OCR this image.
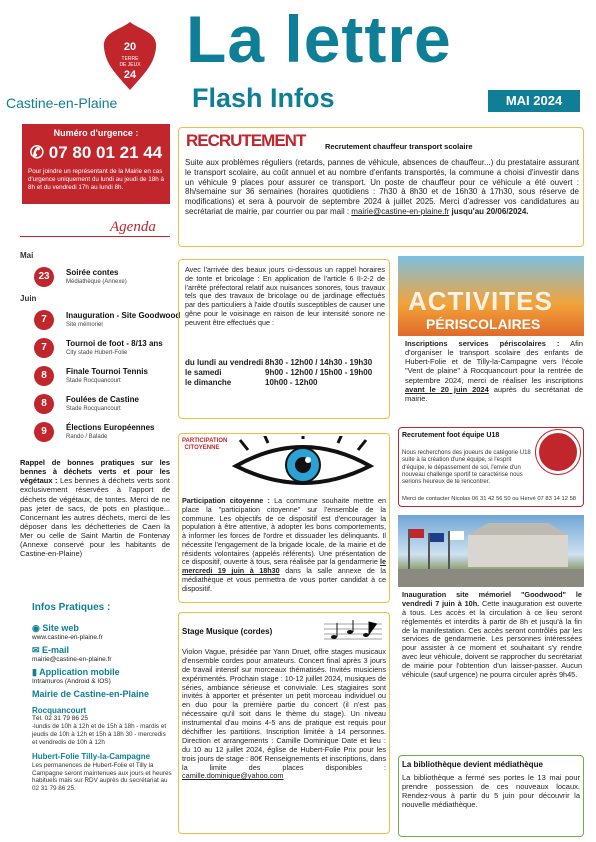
20
TERRE
DE JEUX
24
Castine-en-Plaine
La lettre
Flash Infos	MAI 2024
Numéro d'urgence :
✆ 07 80 01 21 44
Pour joindre un représentant de la Mairie en cas d'urgence uniquement du lundi au jeudi de 18h à 8h et du vendredi 17h au lundi 8h.
Agenda
Mai
Juin
23	Soirée contes
Médiathèque (Annexe)
7	Inauguration - Site Goodwood
Site mémoriel
7	Tournoi de foot - 8/13 ans
City stade Hubert-Folie
8	Finale Tournoi Tennis
Stade Rocquancourt
8	Foulées de Castine
Stade Rocquancourt
9	Élections Européennes
Rando / Balade
Rappel de bonnes pratiques sur les bennes à déchets verts et pour les végétaux : Les bennes à déchets verts sont exclusivement réservées à l'apport de déchets de végétaux, de tontes. Merci de ne pas jeter de sacs, de pots en plastique... Concernant les autres déchets, merci de les déposer dans les déchetteries de Caen la Mer ou celle de Saint Martin de Fontenay (Annexe conservé pour les habitants de Castine-en-Plaine)
Infos Pratiques :
◉ Site web
www.castine-en-plaine.fr
✉ E-mail
mairie@castine-en-plaine.fr
▮ Application mobile
Intramuros (Android & IOS)
Mairie de Castine-en-Plaine
Rocquancourt
Tél. 02 31 79 86 25
-lundis de 10h à 12h et de 15h à 18h - mardis et jeudis de 10h à 12h et 15h à 18h 30 - mercredis et vendredis de 10h à 12h
Hubert-Folie Tilly-la-Campagne
Les permanences de Hubert-Folie et Tilly la Campagne seront maintenues aux jours et heures habituels mais sur RDV auprès du secrétariat au 02 31 79 86 25.
RECRUTEMENT	Recrutement chauffeur transport scolaire
Suite aux problèmes réguliers (retards, pannes de véhicule, absences de chauffeur...) du prestataire assurant le transport scolaire, au coût annuel et au nombre d'enfants transportés, la commune a choisi d'investir dans un véhicule 9 places pour assurer ce transport. Un poste de chauffeur pour ce véhicule a été ouvert : 8h/semaine sur 36 semaines (horaires quotidiens : 7h30 à 8h30 et de 16h30 à 17h30, sous réserve de modifications) et sera à pourvoir de septembre 2024 à juillet 2025. Merci d'adresser vos candidatures au secrétariat de mairie, par courrier ou par mail : mairie@castine-en-plaine.fr jusqu'au 20/06/2024.
Avec l'arrivée des beaux jours ci-dessous un rappel horaires de tonte et bricolage : En application de l'article 6 II-2-2 de l'arrêté préfectoral relatif aux nuisances sonores, tous travaux tels que des travaux de bricolage ou de jardinage effectués par des particuliers à l'aide d'outils susceptibles de causer une gêne pour le voisinage en raison de leur intensité sonore ne peuvent être effectués que :
du lundi au vendredi 8h30 - 12h00 / 14h30 - 19h30
le samedi	9h00 - 12h00 / 15h00 - 19h00
le dimanche	10h00 - 12h00
ACTIVITES
PÉRISCOLAIRES
Inscriptions services périscolaires : Afin d'organiser le transport scolaire des enfants de Hubert-Folie et de Tilly-la-Campagne vers l'école "Vent de plaine" à Rocquancourt pour la rentrée de septembre 2024, merci de réaliser les inscriptions avant le 20 juin 2024 auprès du secrétariat de mairie.
PARTICIPATION CITOYENNE
Participation citoyenne : La commune souhaite mettre en place la "participation citoyenne" sur l'ensemble de la commune. Les objectifs de ce dispositif est d'encourager la population à être attentive, à adopter les bons comportements, à informer les forces de l'ordre et dissuader les délinquants. Il nécessite l'engagement de la brigade locale, de la mairie et de résidents volontaires (appelés référents). Une présentation de ce dispositif, ouverte à tous, sera réalisée par la gendarmerie le mercredi 19 juin à 18h30 dans la salle annexe de la médiathèque et vous permettra de vous porter candidat à ce dispositif.
Stage Musique (cordes)
Violon Vague, présidée par Yann Druet, offre stages musicaux d'ensemble cordes pour amateurs. Concert final après 3 jours de travail intensif sur morceaux thématisés. Invités musiciens expérimentés. Prochain stage : 10-12 juillet 2024, musiques de séries, ambiance sérieuse et conviviale. Les stagiaires sont invités à apporter et présenter un petit morceau individuel ou en duo pour la première partie du concert (il n'est pas nécessaire qu'il soit dans le thème du stage). Un niveau instrumental d'au moins 4-5 ans de pratique est requis pour déchiffrer les partitions. Inscription limitée à 14 personnes. Direction et arrangements : Camille Dominique Date et lieu : du 10 au 12 juillet 2024, église de Hubert-Folie Prix pour les trois jours de stage : 80€ Renseignements et inscriptions, dans la limite des places disponibles : camille.dominique@yahoo.com
Recrutement foot équipe U18
Nous recherchons des joueurs de catégorie U18 suite à la création d'une équipe, si l'esprit d'équipe, le dépassement de soi, l'envie d'un nouveau challenge sportif te caractérise nous serions heureux de te rencontrer.
Merci de contacter Nicolas 06 31 42 56 50 ou Hervé 07 83 14 12 58
Inauguration site mémoriel "Goodwood" le vendredi 7 juin à 10h. Cette inauguration est ouverte à tous. Les accès et la circulation à ce lieu seront réglementés et interdits à partir de 8h et jusqu'à la fin de la manifestation. Ces accès seront contrôlés par les services de gendarmerie. Les personnes intéressées pour assister à ce moment et souhaitant s'y rendre avec leur véhicule, doivent se rapprocher du secrétariat de mairie pour l'obtention d'un laisser-passer. Aucun véhicule (sauf urgence) ne pourra circuler après 9h45.
La bibliothèque devient médiathèque
La bibliothèque a fermé ses portes le 13 mai pour prendre possession de ces nouveaux locaux. Rendez-vous à partir du 5 juin pour découvrir la nouvelle médiathèque.
